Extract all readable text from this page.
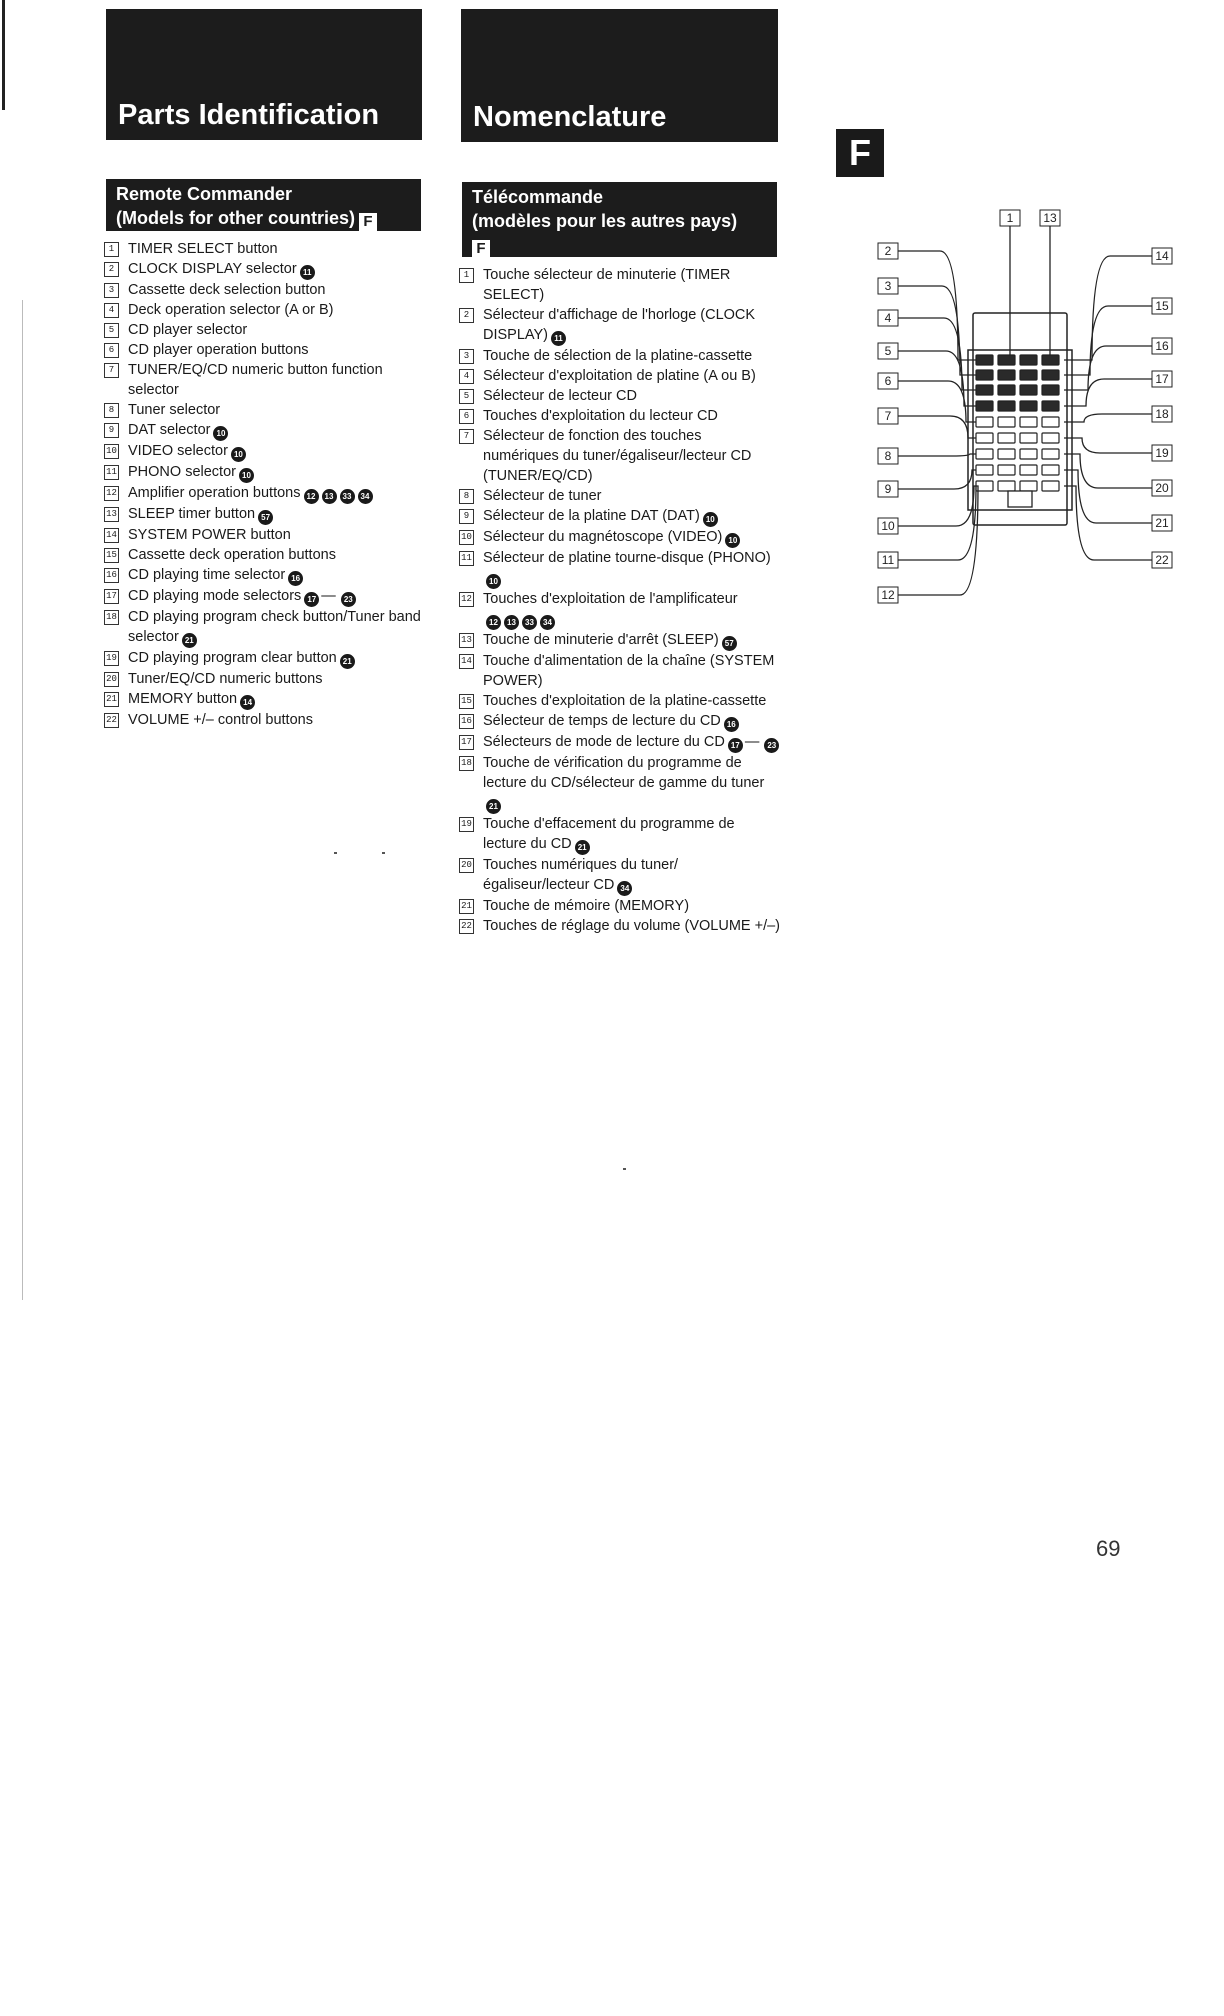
Parts Identification	Nomenclature
F
Remote Commander
(Models for other countries) F
Télécommande
(modèles pour les autres pays)
F
1 TIMER SELECT button
2 CLOCK DISPLAY selector 11
3 Cassette deck selection button
4 Deck operation selector (A or B)
5 CD player selector
6 CD player operation buttons
7 TUNER/EQ/CD numeric button function selector
8 Tuner selector
9 DAT selector 10
10 VIDEO selector 10
11 PHONO selector 10
12 Amplifier operation buttons 12 13 33 34
13 SLEEP timer button 57
14 SYSTEM POWER button
15 Cassette deck operation buttons
16 CD playing time selector 16
17 CD playing mode selectors 17 — 23
18 CD playing program check button/Tuner band selector 21
19 CD playing program clear button 21
20 Tuner/EQ/CD numeric buttons
21 MEMORY button 14
22 VOLUME +/– control buttons
1 Touche sélecteur de minuterie (TIMER SELECT)
2 Sélecteur d'affichage de l'horloge (CLOCK DISPLAY) 11
3 Touche de sélection de la platine-cassette
4 Sélecteur d'exploitation de platine (A ou B)
5 Sélecteur de lecteur CD
6 Touches d'exploitation du lecteur CD
7 Sélecteur de fonction des touches numériques du tuner/égaliseur/lecteur CD (TUNER/EQ/CD)
8 Sélecteur de tuner
9 Sélecteur de la platine DAT (DAT) 10
10 Sélecteur du magnétoscope (VIDEO) 10
11 Sélecteur de platine tourne-disque (PHONO)10
12 Touches d'exploitation de l'amplificateur12 13 33 34
13 Touche de minuterie d'arrêt (SLEEP) 57
14 Touche d'alimentation de la chaîne (SYSTEM POWER)
15 Touches d'exploitation de la platine-cassette
16 Sélecteur de temps de lecture du CD 16
17 Sélecteurs de mode de lecture du CD 17 — 23
18 Touche de vérification du programme de lecture du CD/sélecteur de gamme du tuner21
19 Touche d'effacement du programme de lecture du CD 21
20 Touches numériques du tuner/égaliseur/lecteur CD 34
21 Touche de mémoire (MEMORY)
22 Touches de réglage du volume (VOLUME +/–)
1 13
2
3
4
5
6
7
8
9
10
11
12
14
15
16
17
18
19
20
21
22
69
